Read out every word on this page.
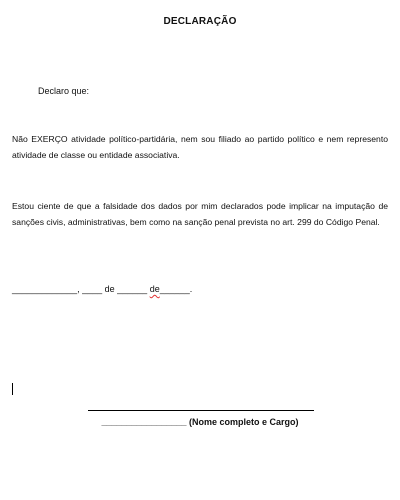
DECLARAÇÃO
Declaro que:
Não EXERÇO atividade político-partidária, nem sou filiado ao partido político e nem represento atividade de classe ou entidade associativa.
Estou ciente de que a falsidade dos dados por mim declarados pode implicar na imputação de sanções civis, administrativas, bem como na sanção penal prevista no art. 299 do Código Penal.
_____________, ____ de ______ de______.
_________________ (Nome completo e Cargo)
